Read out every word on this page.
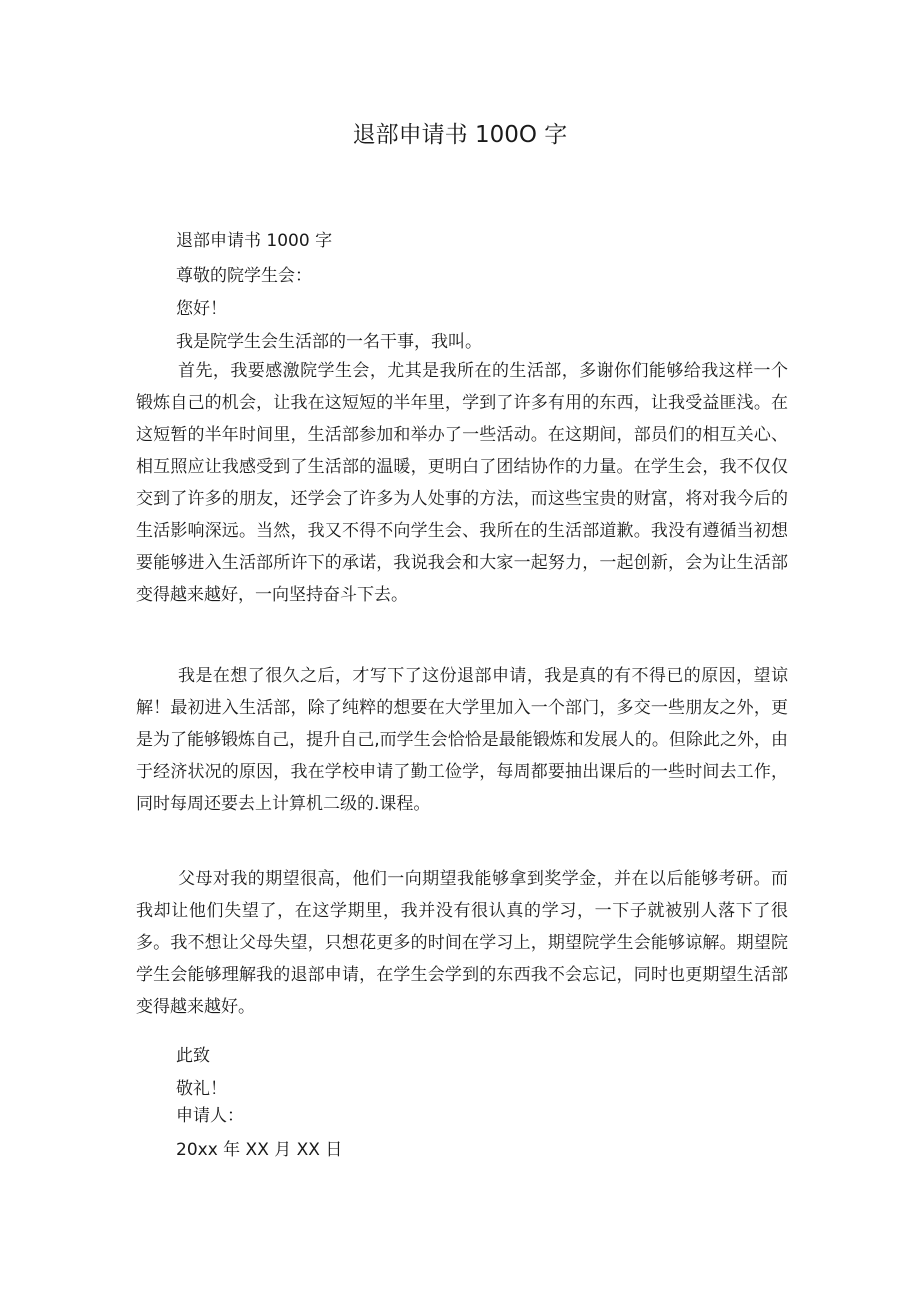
退部申请书 100O 字
退部申请书 1000 字
尊敬的院学生会：
您好！
我是院学生会生活部的一名干事，我叫。
首先，我要感激院学生会，尤其是我所在的生活部，多谢你们能够给我这样一个锻炼自己的机会，让我在这短短的半年里，学到了许多有用的东西，让我受益匪浅。在这短暂的半年时间里，生活部参加和举办了一些活动。在这期间，部员们的相互关心、相互照应让我感受到了生活部的温暖，更明白了团结协作的力量。在学生会，我不仅仅交到了许多的朋友，还学会了许多为人处事的方法，而这些宝贵的财富，将对我今后的生活影响深远。当然，我又不得不向学生会、我所在的生活部道歉。我没有遵循当初想要能够进入生活部所许下的承诺，我说我会和大家一起努力，一起创新，会为让生活部变得越来越好，一向坚持奋斗下去。
我是在想了很久之后，才写下了这份退部申请，我是真的有不得已的原因，望谅解！最初进入生活部，除了纯粹的想要在大学里加入一个部门，多交一些朋友之外，更是为了能够锻炼自己，提升自己,而学生会恰恰是最能锻炼和发展人的。但除此之外，由于经济状况的原因，我在学校申请了勤工俭学，每周都要抽出课后的一些时间去工作，同时每周还要去上计算机二级的.课程。
父母对我的期望很高，他们一向期望我能够拿到奖学金，并在以后能够考研。而我却让他们失望了，在这学期里，我并没有很认真的学习，一下子就被别人落下了很多。我不想让父母失望，只想花更多的时间在学习上，期望院学生会能够谅解。期望院学生会能够理解我的退部申请，在学生会学到的东西我不会忘记，同时也更期望生活部变得越来越好。
此致
敬礼！
申请人：
20xx 年 XX 月 XX 日
